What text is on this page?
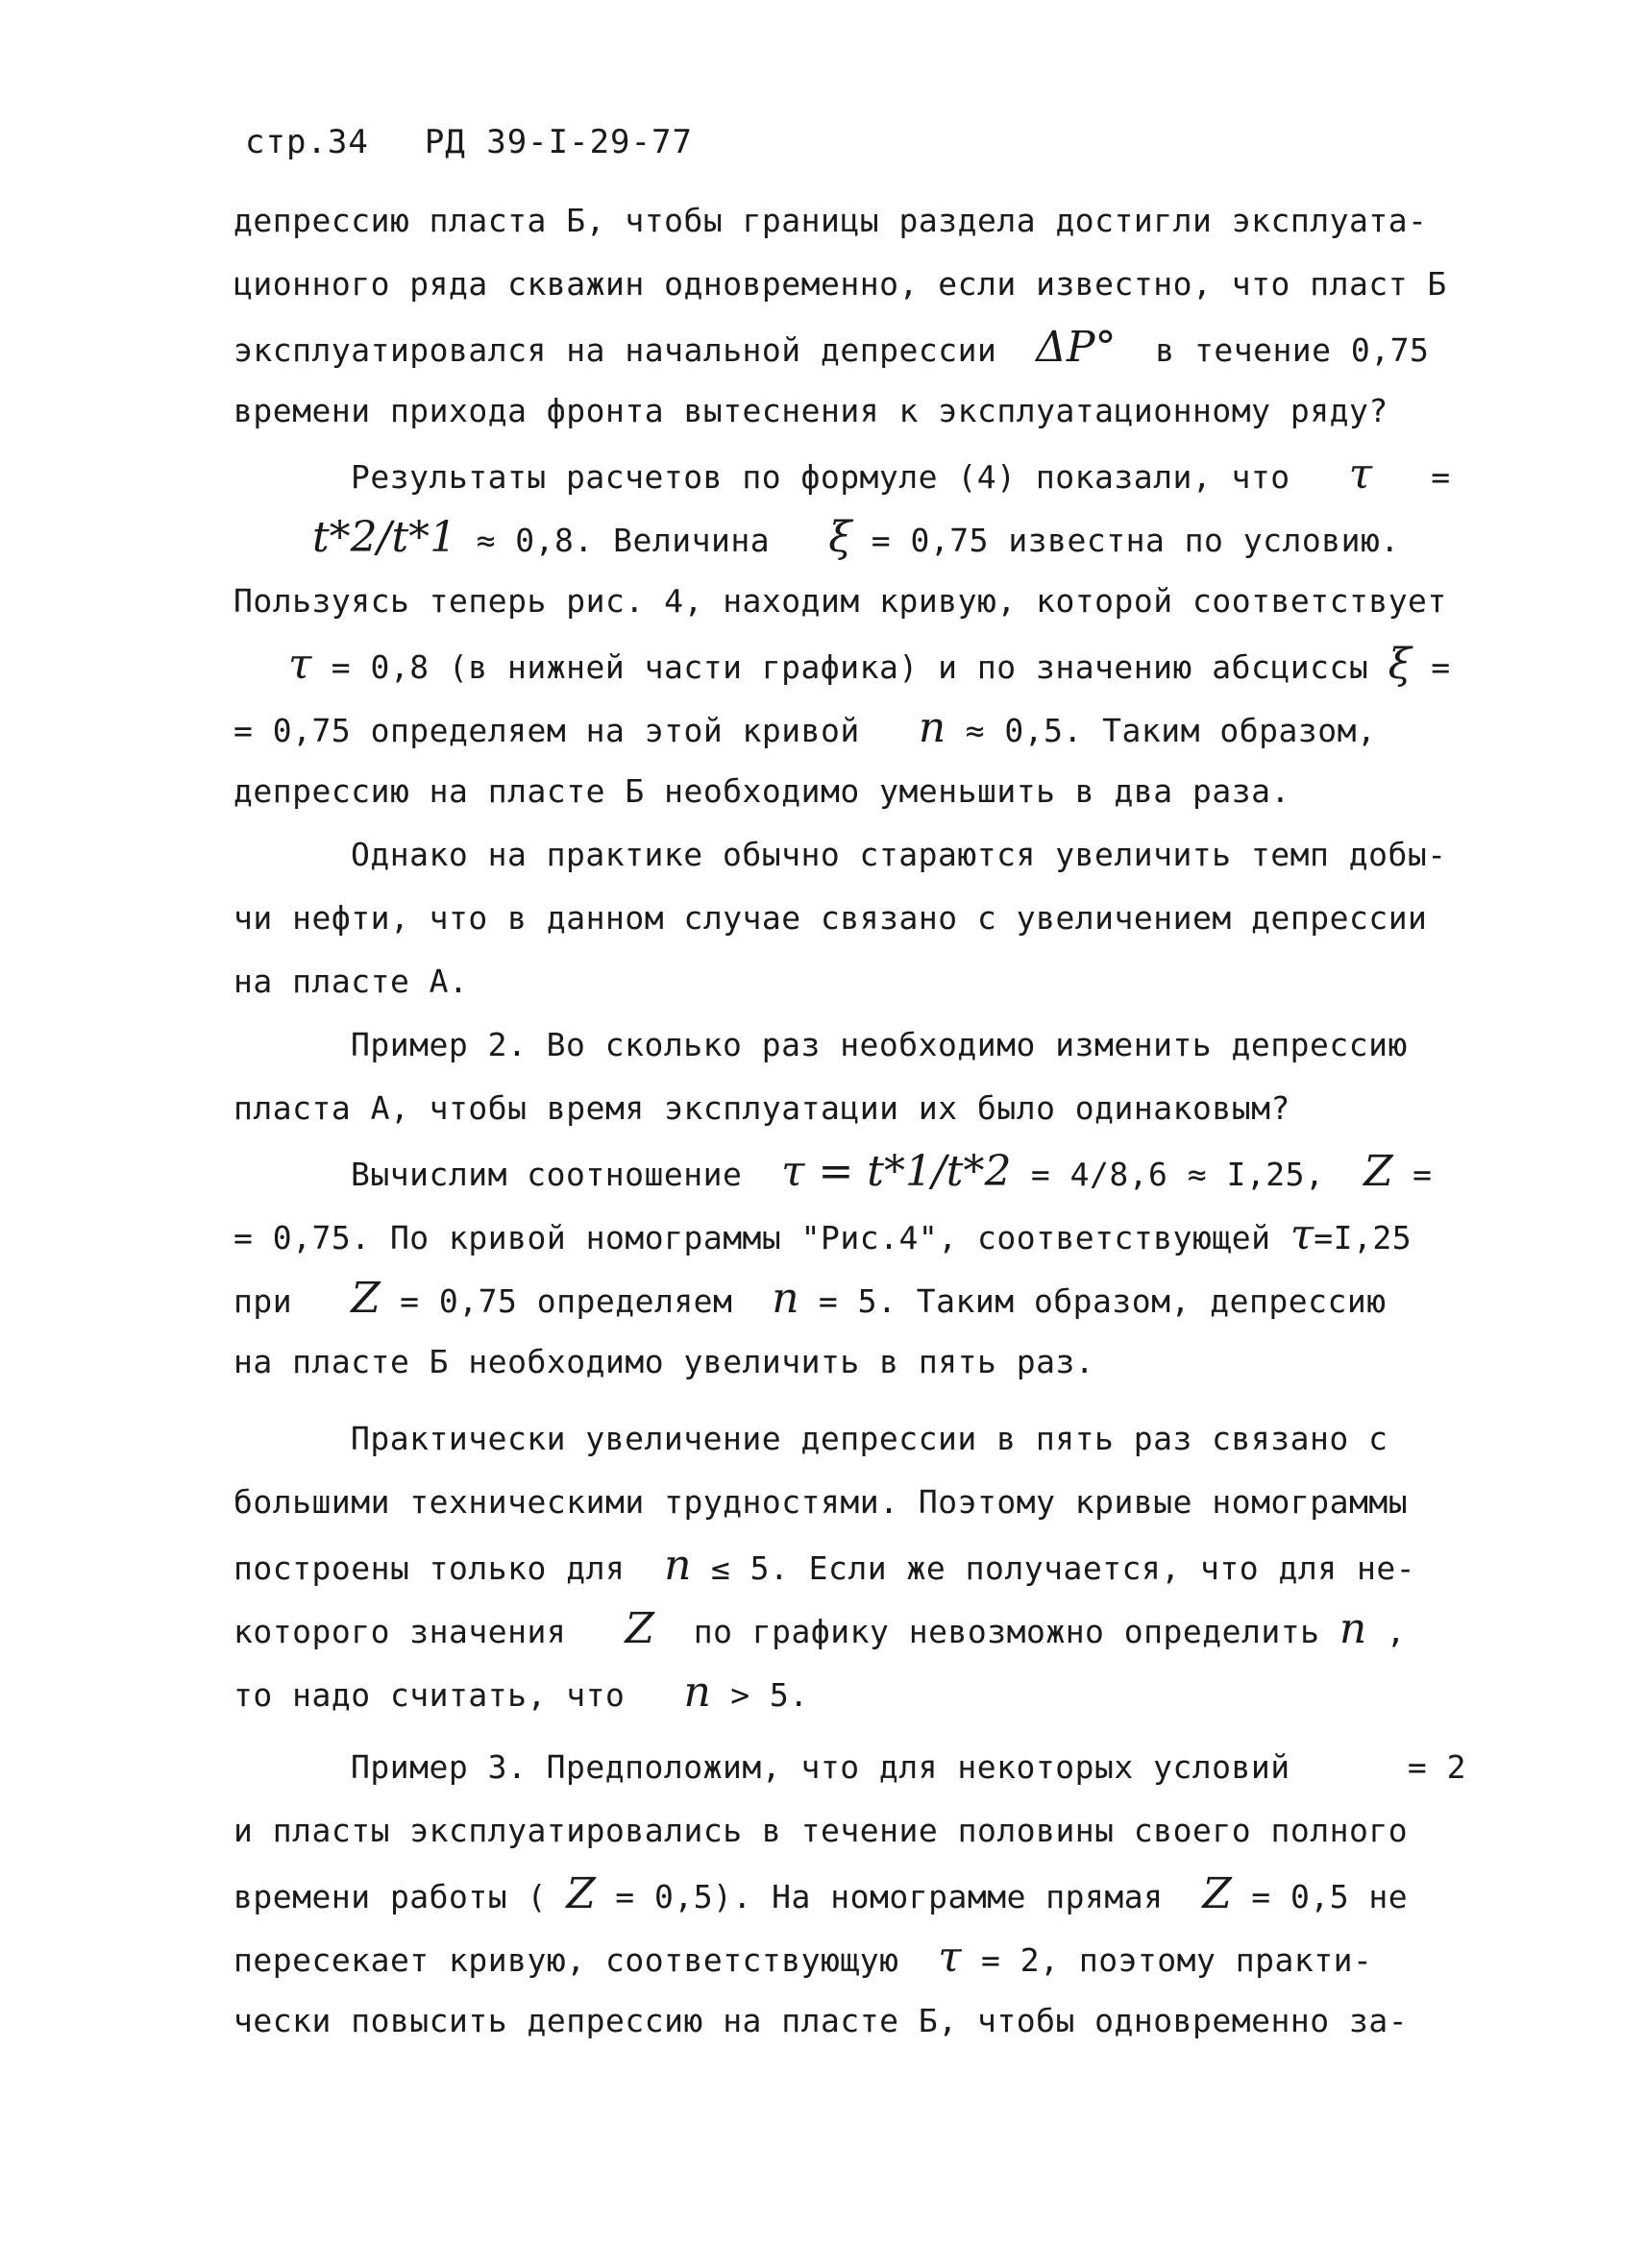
стр.34 РД 39-I-29-77
депрессию пласта Б, чтобы границы раздела достигли эксплуата-
ционного ряда скважин одновременно, если известно, что пласт Б
эксплуатировался на начальной депрессии ΔP° в течение 0,75
времени прихода фронта вытеснения к эксплуатационному ряду?
Результаты расчетов по формуле (4) показали, что τ =
t*2/t*1 ≈ 0,8. Величина ξ = 0,75 известна по условию.
Пользуясь теперь рис. 4, находим кривую, которой соответствует
τ = 0,8 (в нижней части графика) и по значению абсциссы ξ =
= 0,75 определяем на этой кривой n ≈ 0,5. Таким образом,
депрессию на пласте Б необходимо уменьшить в два раза.
Однако на практике обычно стараются увеличить темп добы-
чи нефти, что в данном случае связано с увеличением депрессии
на пласте А.
Пример 2. Во сколько раз необходимо изменить депрессию
пласта А, чтобы время эксплуатации их было одинаковым?
Вычислим соотношение τ = t*1/t*2 = 4/8,6 ≈ I,25, Z =
= 0,75. По кривой номограммы "Рис.4", соответствующей τ=I,25
при Z = 0,75 определяем n = 5. Таким образом, депрессию
на пласте Б необходимо увеличить в пять раз.
Практически увеличение депрессии в пять раз связано с
большими техническими трудностями. Поэтому кривые номограммы
построены только для n ≤ 5. Если же получается, что для не-
которого значения Z по графику невозможно определить n ,
то надо считать, что n > 5.
Пример 3. Предположим, что для некоторых условий      = 2
и пласты эксплуатировались в течение половины своего полного
времени работы ( Z = 0,5). На номограмме прямая Z = 0,5 не
пересекает кривую, соответствующую τ = 2, поэтому практи-
чески повысить депрессию на пласте Б, чтобы одновременно за-
